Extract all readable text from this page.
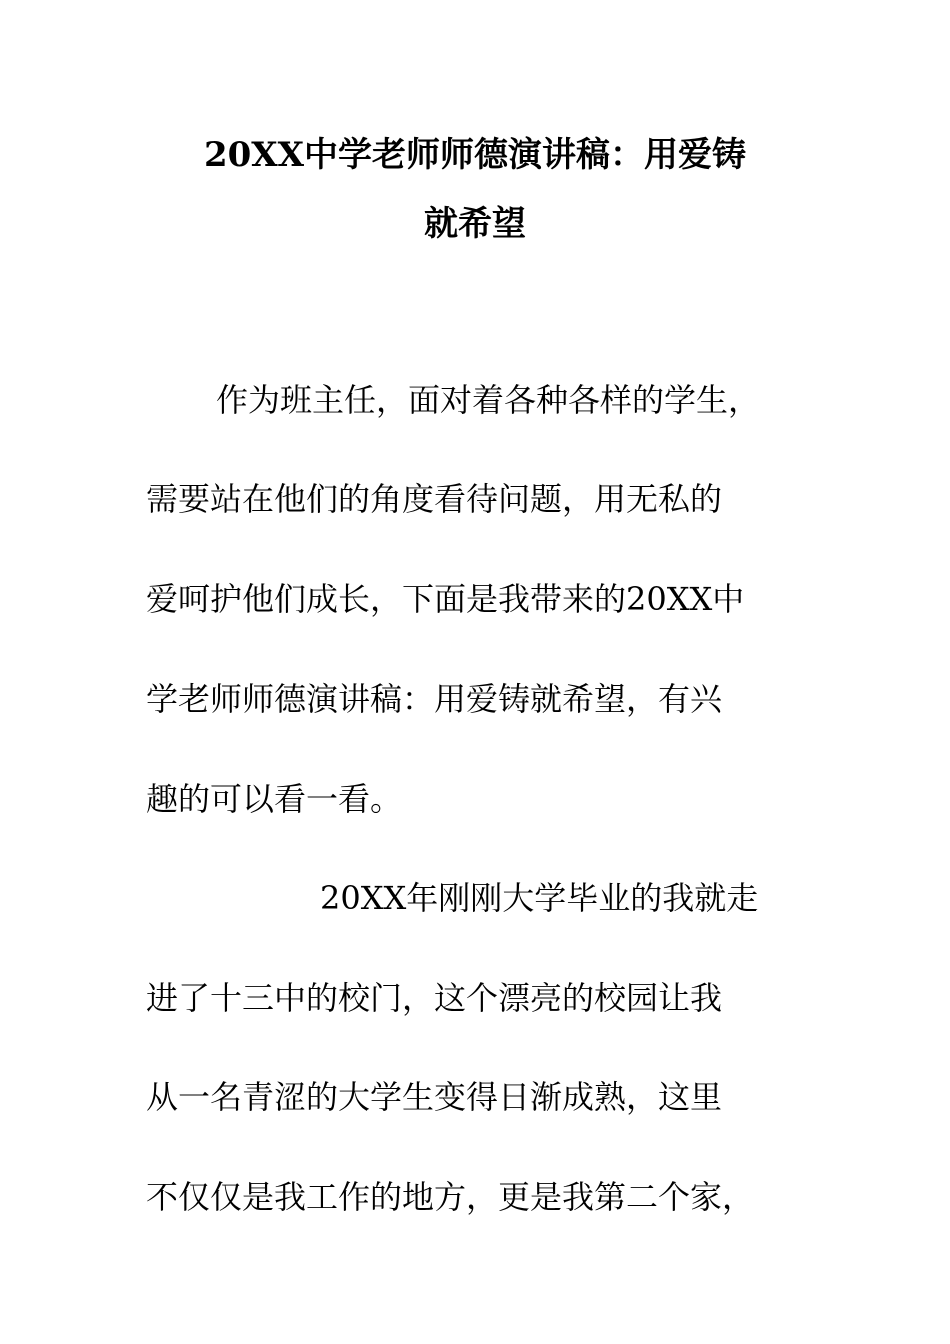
20XX中学老师师德演讲稿：用爱铸
就希望

作为班主任，面对着各种各样的学生，

需要站在他们的角度看待问题，用无私的

爱呵护他们成长，下面是我带来的20XX中

学老师师德演讲稿：用爱铸就希望，有兴

趣的可以看一看。

20XX年刚刚大学毕业的我就走

进了十三中的校门，这个漂亮的校园让我

从一名青涩的大学生变得日渐成熟，这里

不仅仅是我工作的地方，更是我第二个家，
